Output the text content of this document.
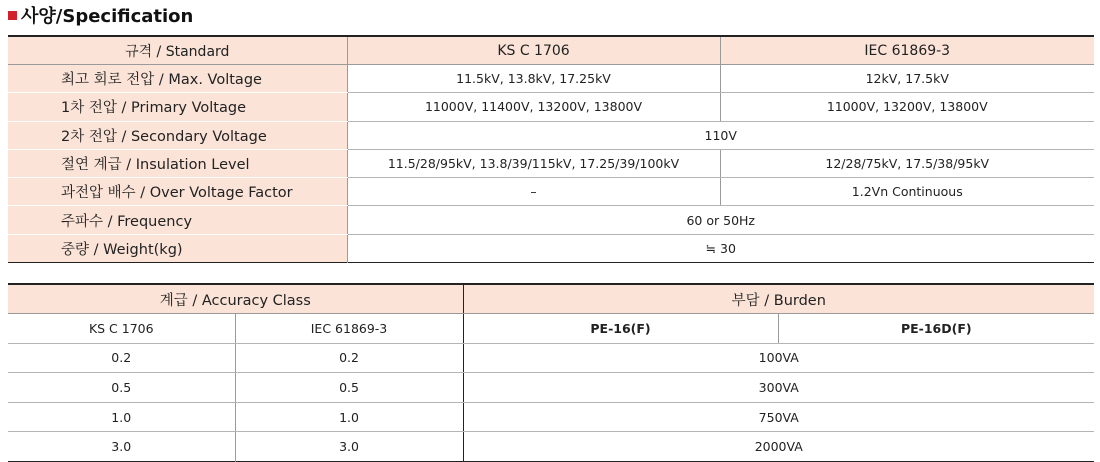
사양/Specification
규격 / Standard	KS C 1706	IEC 61869-3
최고 회로 전압 / Max. Voltage	11.5kV, 13.8kV, 17.25kV	12kV, 17.5kV
1차 전압 / Primary Voltage	11000V, 11400V, 13200V, 13800V	11000V, 13200V, 13800V
2차 전압 / Secondary Voltage	110V	
절연 계급 / Insulation Level	11.5/28/95kV, 13.8/39/115kV, 17.25/39/100kV	12/28/75kV, 17.5/38/95kV
과전압 배수 / Over Voltage Factor	–	1.2Vn Continuous
주파수 / Frequency	60 or 50Hz	
중량 / Weight(kg)	≒ 30	
계급 / Accuracy Class		부담 / Burden	
KS C 1706	IEC 61869-3	PE-16(F)	PE-16D(F)
0.2	0.2	100VA	
0.5	0.5	300VA	
1.0	1.0	750VA	
3.0	3.0	2000VA	
